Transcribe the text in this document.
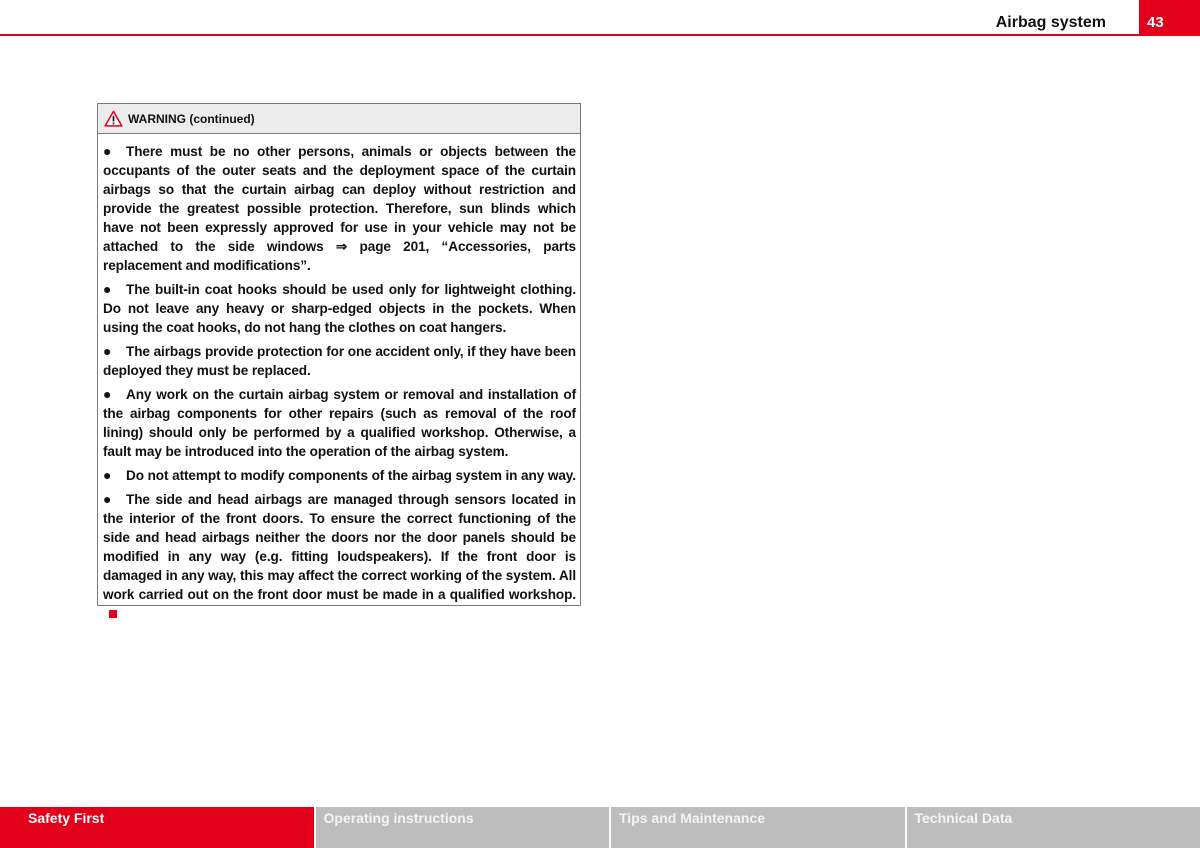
Airbag system	43
WARNING (continued)

● There must be no other persons, animals or objects between the occupants of the outer seats and the deployment space of the curtain airbags so that the curtain airbag can deploy without restriction and provide the greatest possible protection. Therefore, sun blinds which have not been expressly approved for use in your vehicle may not be attached to the side windows ⇒ page 201, “Accessories, parts replacement and modifications”.

● The built-in coat hooks should be used only for lightweight clothing. Do not leave any heavy or sharp-edged objects in the pockets. When using the coat hooks, do not hang the clothes on coat hangers.

● The airbags provide protection for one accident only, if they have been deployed they must be replaced.

● Any work on the curtain airbag system or removal and installation of the airbag components for other repairs (such as removal of the roof lining) should only be performed by a qualified workshop. Otherwise, a fault may be introduced into the operation of the airbag system.

● Do not attempt to modify components of the airbag system in any way.

● The side and head airbags are managed through sensors located in the interior of the front doors. To ensure the correct functioning of the side and head airbags neither the doors nor the door panels should be modified in any way (e.g. fitting loudspeakers). If the front door is damaged in any way, this may affect the correct working of the system. All work carried out on the front door must be made in a qualified workshop.

Safety First	Operating instructions	Tips and Maintenance	Technical Data
